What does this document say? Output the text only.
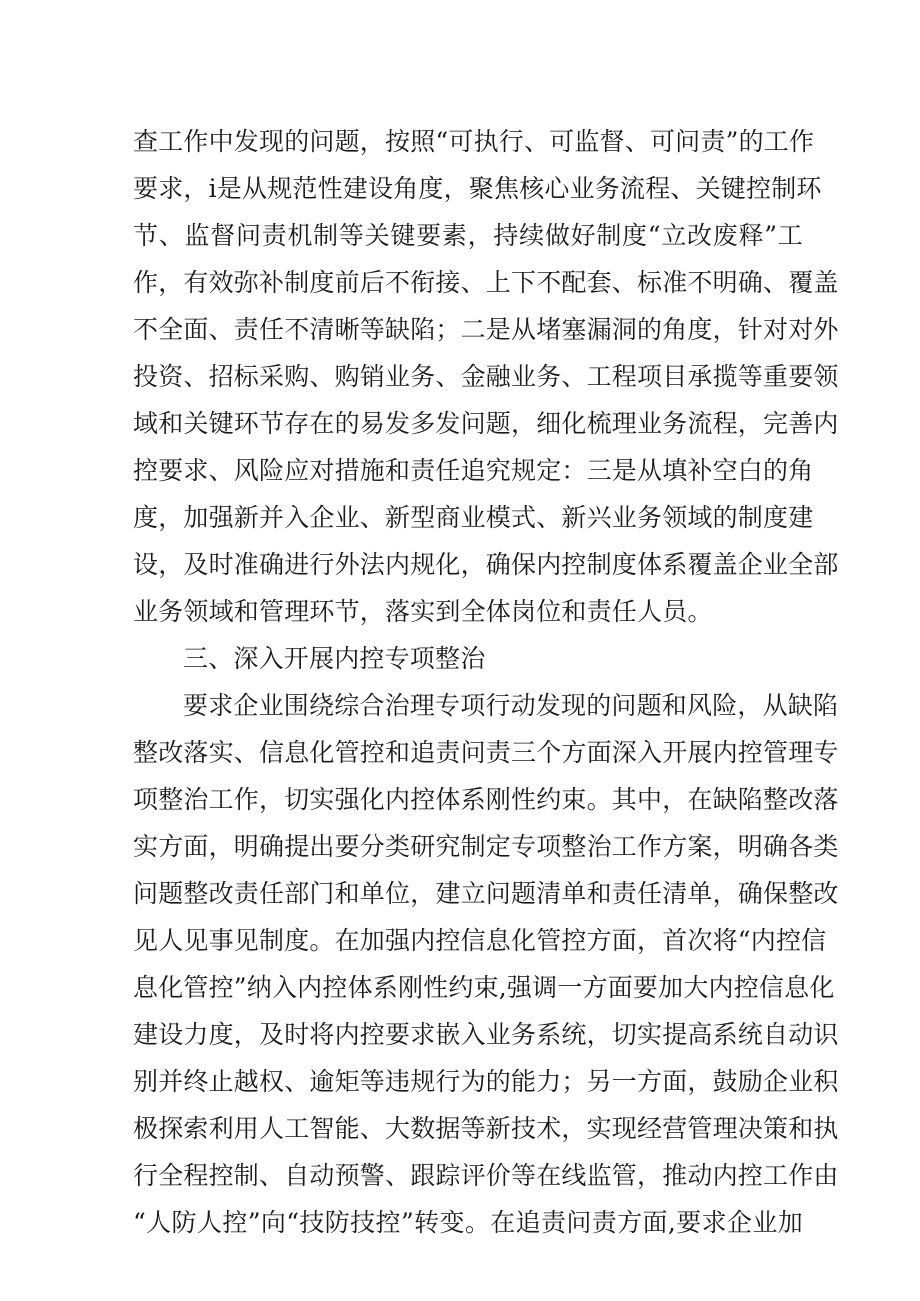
查工作中发现的问题，按照“可执行、可监督、可问责”的工作
要求，i是从规范性建设角度，聚焦核心业务流程、关键控制环
节、监督问责机制等关键要素，持续做好制度“立改废释”工
作，有效弥补制度前后不衔接、上下不配套、标准不明确、覆盖
不全面、责任不清晰等缺陷；二是从堵塞漏洞的角度，针对对外
投资、招标采购、购销业务、金融业务、工程项目承揽等重要领
域和关键环节存在的易发多发问题，细化梳理业务流程，完善内
控要求、风险应对措施和责任追究规定：三是从填补空白的角
度，加强新并入企业、新型商业模式、新兴业务领域的制度建
设，及时准确进行外法内规化，确保内控制度体系覆盖企业全部
业务领域和管理环节，落实到全体岗位和责任人员。
三、深入开展内控专项整治
要求企业围绕综合治理专项行动发现的问题和风险，从缺陷
整改落实、信息化管控和追责问责三个方面深入开展内控管理专
项整治工作，切实强化内控体系刚性约束。其中，在缺陷整改落
实方面，明确提出要分类研究制定专项整治工作方案，明确各类
问题整改责任部门和单位，建立问题清单和责任清单，确保整改
见人见事见制度。在加强内控信息化管控方面，首次将“内控信
息化管控”纳入内控体系刚性约束,强调一方面要加大内控信息化
建设力度，及时将内控要求嵌入业务系统，切实提高系统自动识
别并终止越权、逾矩等违规行为的能力；另一方面，鼓励企业积
极探索利用人工智能、大数据等新技术，实现经营管理决策和执
行全程控制、自动预警、跟踪评价等在线监管，推动内控工作由
“人防人控”向“技防技控”转变。在追责问责方面,要求企业加
